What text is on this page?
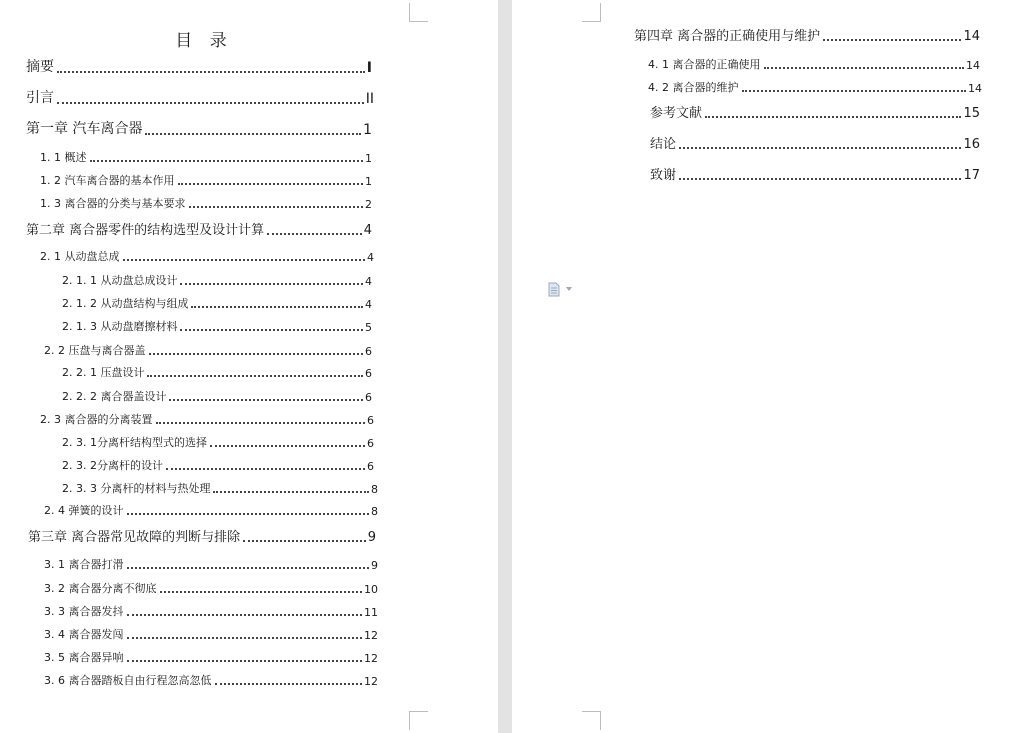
目 录
摘要	I
引言	II
第一章 汽车离合器	1
1. 1 概述	1
1. 2 汽车离合器的基本作用	1
1. 3 离合器的分类与基本要求	2
第二章 离合器零件的结构选型及设计计算	4
2. 1 从动盘总成	4
2. 1. 1 从动盘总成设计	4
2. 1. 2 从动盘结构与组成	4
2. 1. 3 从动盘磨擦材料	5
2. 2 压盘与离合器盖	6
2. 2. 1 压盘设计	6
2. 2. 2 离合器盖设计	6
2. 3 离合器的分离装置	6
2. 3. 1分离杆结构型式的选择	6
2. 3. 2分离杆的设计	6
2. 3. 3 分离杆的材料与热处理	8
2. 4 弹簧的设计	8
第三章 离合器常见故障的判断与排除	9
3. 1 离合器打滑	9
3. 2 离合器分离不彻底	10
3. 3 离合器发抖	11
3. 4 离合器发闯	12
3. 5 离合器异响	12
3. 6 离合器踏板自由行程忽高忽低	12
第四章 离合器的正确使用与维护	14
4. 1 离合器的正确使用	14
4. 2 离合器的维护	14
参考文献	15
结论	16
致谢	17
